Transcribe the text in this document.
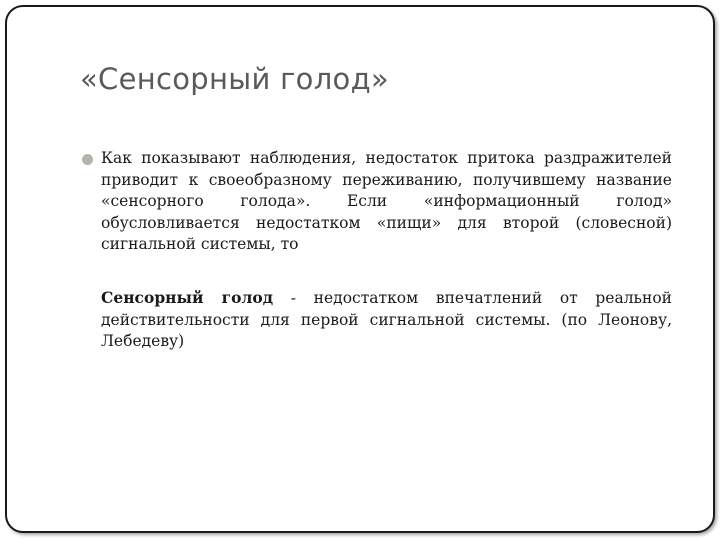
«Сенсорный голод»
Как показывают наблюдения, недостаток притока раздражителей приводит к своеобразному переживанию, получившему название «сенсорного голода». Если «информационный голод» обусловливается недостатком «пищи» для второй (словесной) сигнальной системы, то
Сенсорный голод - недостатком впечатлений от реальной действительности для первой сигнальной системы. (по Леонову, Лебедеву)
